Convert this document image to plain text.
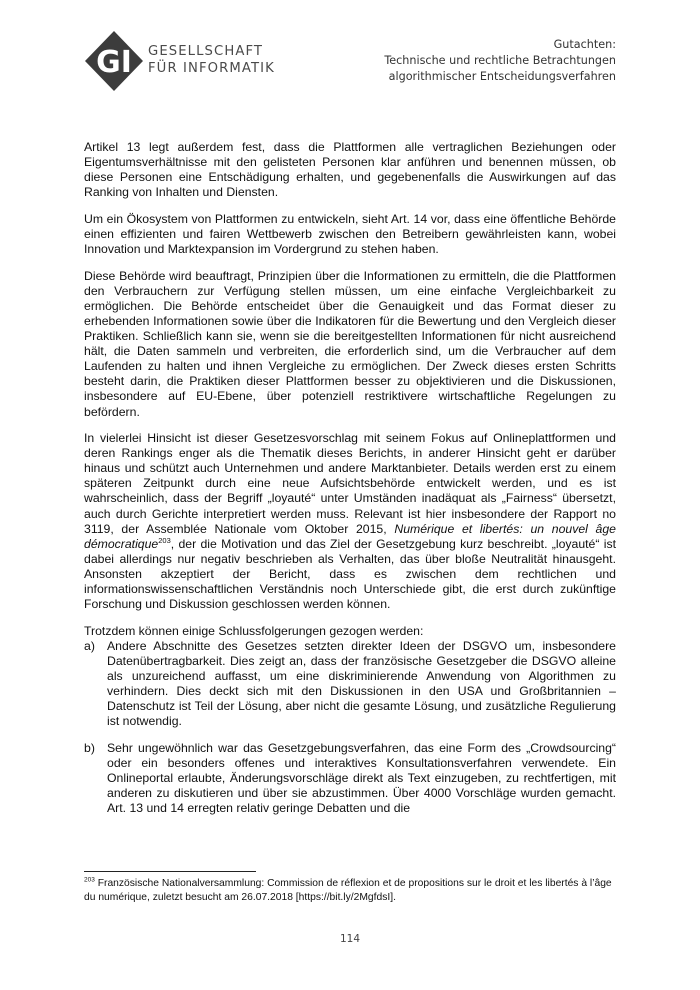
GI GESELLSCHAFT
FÜR INFORMATIK
Gutachten:
Technische und rechtliche Betrachtungen
algorithmischer Entscheidungsverfahren

Artikel 13 legt außerdem fest, dass die Plattformen alle vertraglichen Beziehungen oder Eigentumsverhältnisse mit den gelisteten Personen klar anführen und benennen müssen, ob diese Personen eine Entschädigung erhalten, und gegebenenfalls die Auswirkungen auf das Ranking von Inhalten und Diensten.

Um ein Ökosystem von Plattformen zu entwickeln, sieht Art. 14 vor, dass eine öffentliche Behörde einen effizienten und fairen Wettbewerb zwischen den Betreibern gewährleisten kann, wobei Innovation und Marktexpansion im Vordergrund zu stehen haben.

Diese Behörde wird beauftragt, Prinzipien über die Informationen zu ermitteln, die die Plattformen den Verbrauchern zur Verfügung stellen müssen, um eine einfache Vergleichbarkeit zu ermöglichen. Die Behörde entscheidet über die Genauigkeit und das Format dieser zu erhebenden Informationen sowie über die Indikatoren für die Bewertung und den Vergleich dieser Praktiken. Schließlich kann sie, wenn sie die bereitgestellten Informationen für nicht ausreichend hält, die Daten sammeln und verbreiten, die erforderlich sind, um die Verbraucher auf dem Laufenden zu halten und ihnen Vergleiche zu ermöglichen. Der Zweck dieses ersten Schritts besteht darin, die Praktiken dieser Plattformen besser zu objektivieren und die Diskussionen, insbesondere auf EU-Ebene, über potenziell restriktivere wirtschaftliche Regelungen zu befördern.

In vielerlei Hinsicht ist dieser Gesetzesvorschlag mit seinem Fokus auf Onlineplattformen und deren Rankings enger als die Thematik dieses Berichts, in anderer Hinsicht geht er darüber hinaus und schützt auch Unternehmen und andere Marktanbieter. Details werden erst zu einem späteren Zeitpunkt durch eine neue Aufsichtsbehörde entwickelt werden, und es ist wahrscheinlich, dass der Begriff „loyauté“ unter Umständen inadäquat als „Fairness“ übersetzt, auch durch Gerichte interpretiert werden muss. Relevant ist hier insbesondere der Rapport no 3119, der Assemblée Nationale vom Oktober 2015, Numérique et libertés: un nouvel âge démocratique$^{203}$, der die Motivation und das Ziel der Gesetzgebung kurz beschreibt. „loyauté“ ist dabei allerdings nur negativ beschrieben als Verhalten, das über bloße Neutralität hinausgeht. Ansonsten akzeptiert der Bericht, dass es zwischen dem rechtlichen und informationswissenschaftlichen Verständnis noch Unterschiede gibt, die erst durch zukünftige Forschung und Diskussion geschlossen werden können.

Trotzdem können einige Schlussfolgerungen gezogen werden:

a) Andere Abschnitte des Gesetzes setzten direkter Ideen der DSGVO um, insbesondere Datenübertragbarkeit. Dies zeigt an, dass der französische Gesetzgeber die DSGVO alleine als unzureichend auffasst, um eine diskriminierende Anwendung von Algorithmen zu verhindern. Dies deckt sich mit den Diskussionen in den USA und Großbritannien – Datenschutz ist Teil der Lösung, aber nicht die gesamte Lösung, und zusätzliche Regulierung ist notwendig.
b) Sehr ungewöhnlich war das Gesetzgebungsverfahren, das eine Form des „Crowdsourcing“ oder ein besonders offenes und interaktives Konsultationsverfahren verwendete. Ein Onlineportal erlaubte, Änderungsvorschläge direkt als Text einzugeben, zu rechtfertigen, mit anderen zu diskutieren und über sie abzustimmen. Über 4000 Vorschläge wurden gemacht. Art. 13 und 14 erregten relativ geringe Debatten und die
$^{203}$ Französische Nationalversammlung: Commission de réflexion et de propositions sur le droit et les libertés à l’âge du numérique, zuletzt besucht am 26.07.2018 [https://bit.ly/2MgfdsI].
114
